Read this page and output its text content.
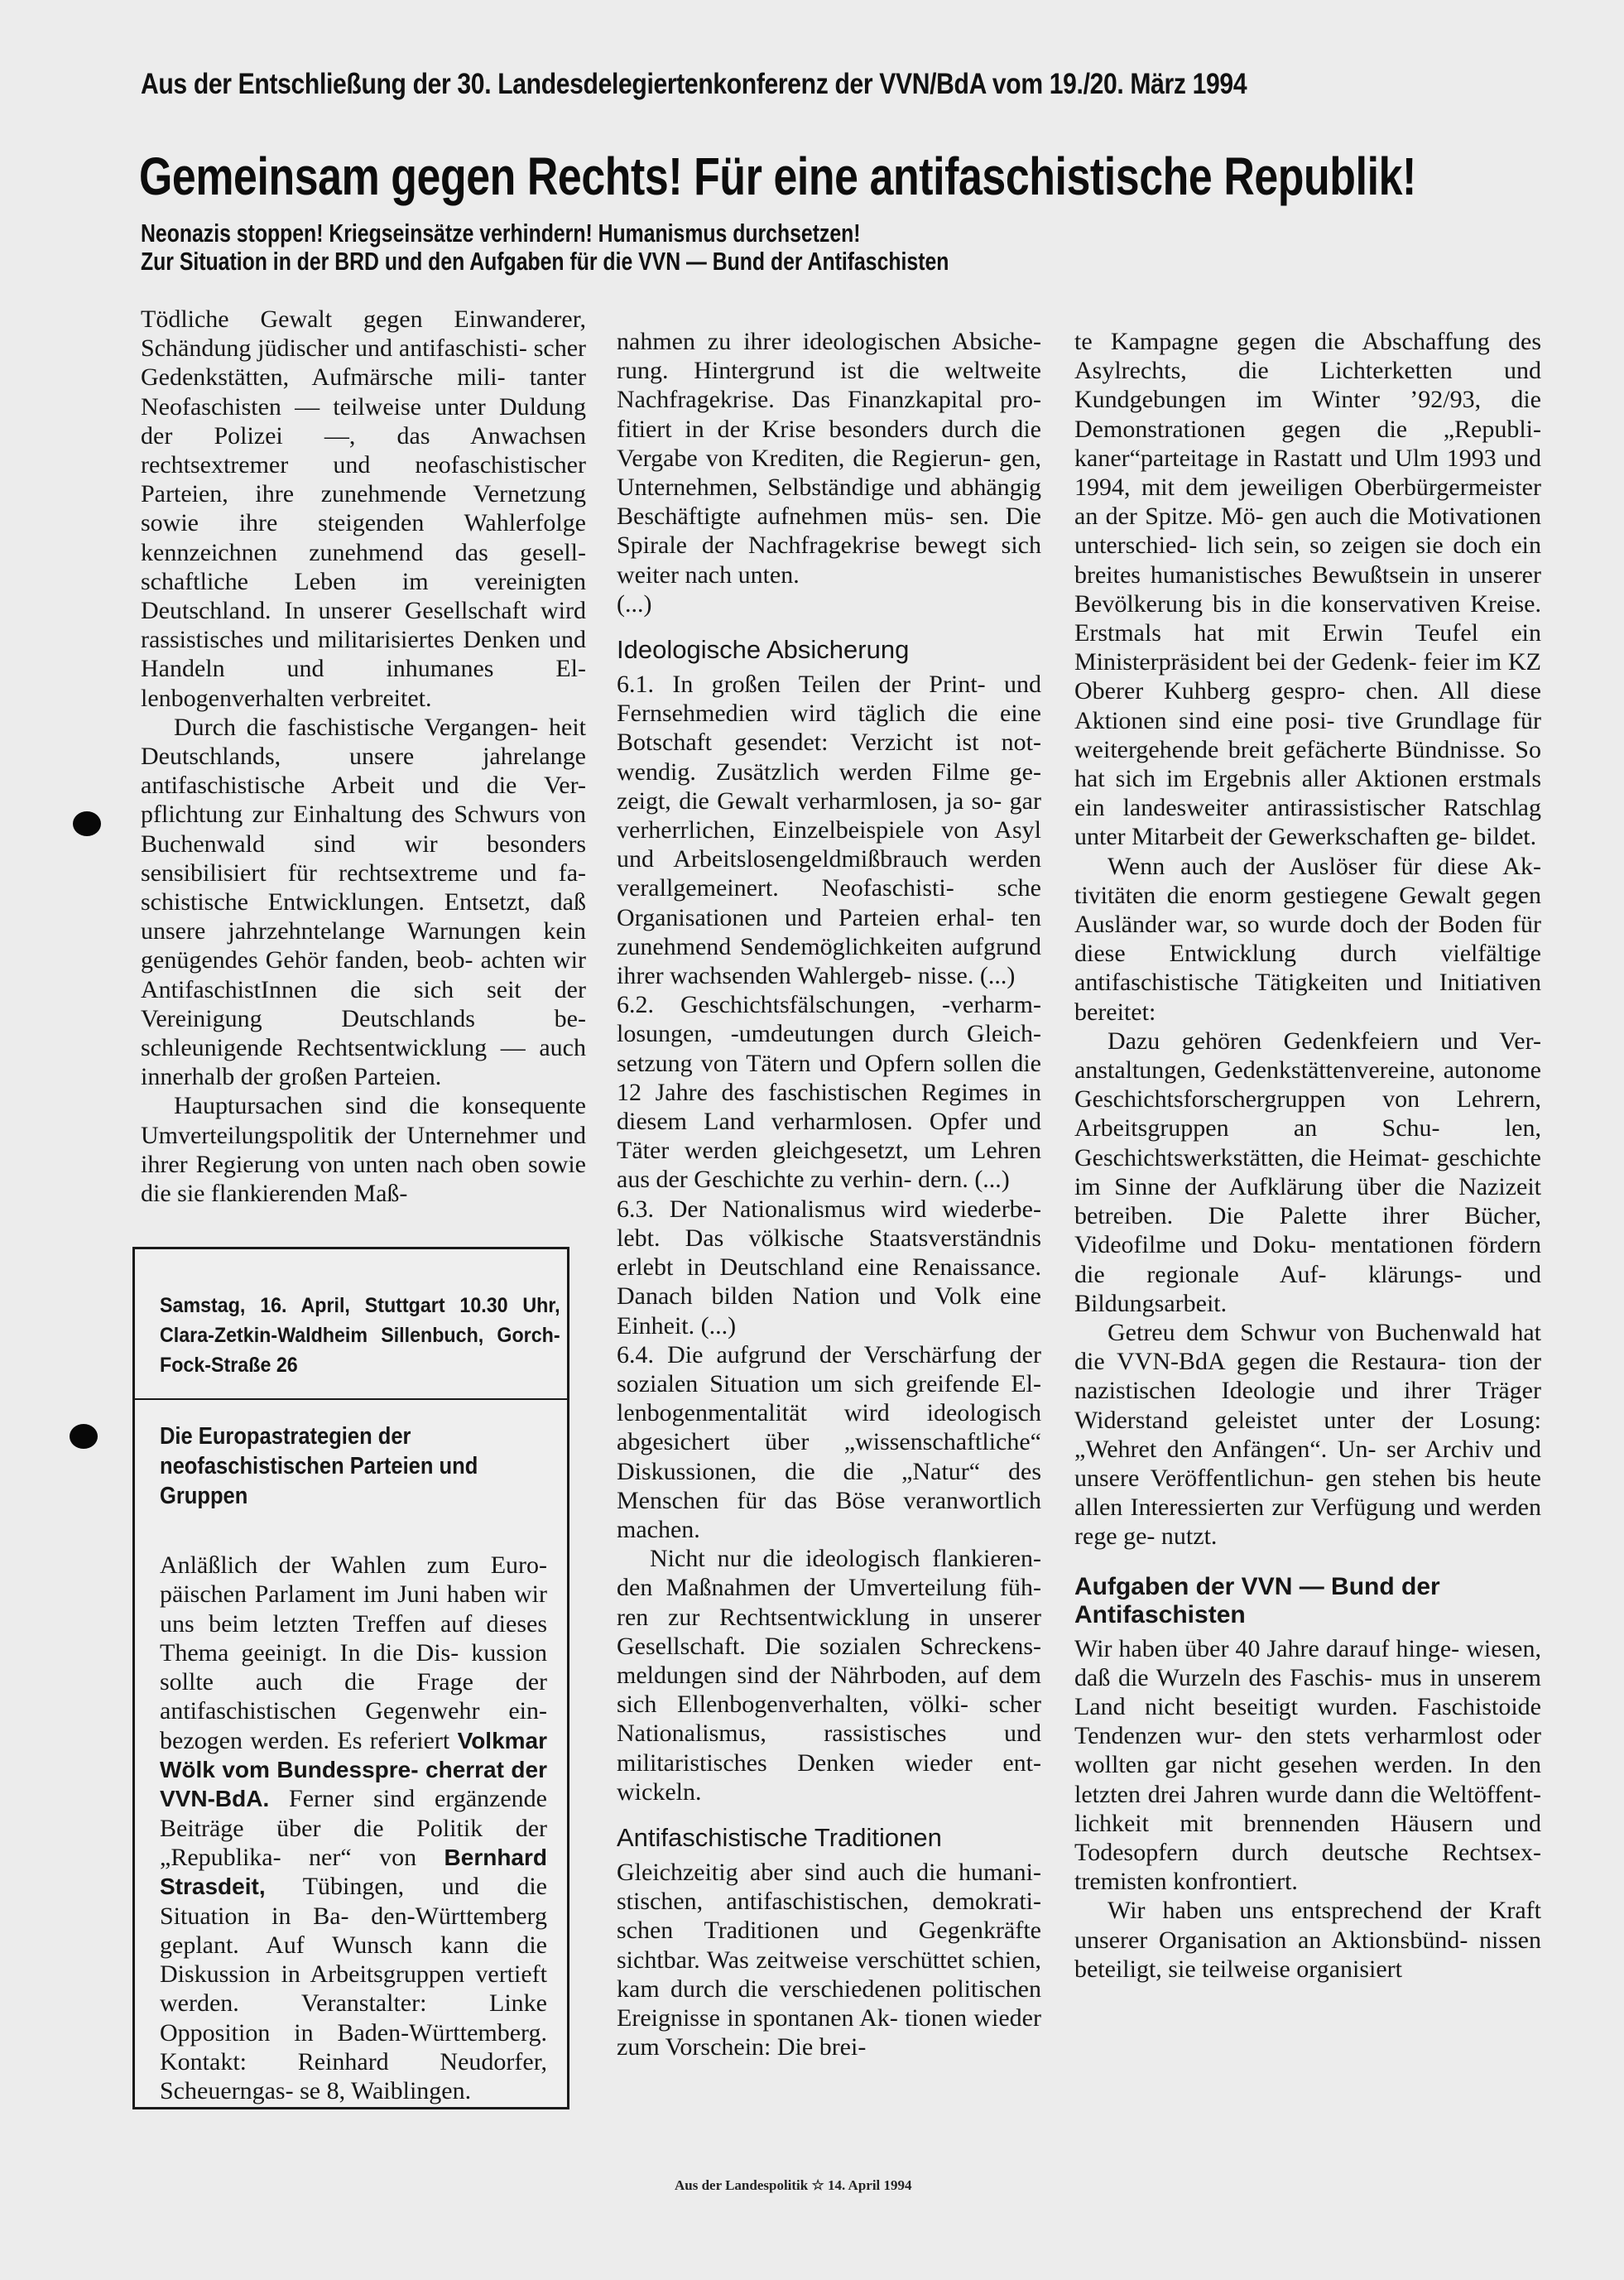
Aus der Entschließung der 30. Landesdelegiertenkonferenz der VVN/BdA vom 19./20. März 1994
Gemeinsam gegen Rechts! Für eine antifaschistische Republik!
Neonazis stoppen! Kriegseinsätze verhindern! Humanismus durchsetzen!
Zur Situation in der BRD und den Aufgaben für die VVN — Bund der Antifaschisten

Tödliche Gewalt gegen Einwanderer, Schändung jüdischer und antifaschisti- scher Gedenkstätten, Aufmärsche mili- tanter Neofaschisten — teilweise unter Duldung der Polizei —, das Anwachsen rechtsextremer und neofaschistischer Parteien, ihre zunehmende Vernetzung sowie ihre steigenden Wahlerfolge kennzeichnen zunehmend das gesell- schaftliche Leben im vereinigten Deutschland. In unserer Gesellschaft wird rassistisches und militarisiertes Denken und Handeln und inhumanes El- lenbogenverhalten verbreitet.

Durch die faschistische Vergangen- heit Deutschlands, unsere jahrelange antifaschistische Arbeit und die Ver- pflichtung zur Einhaltung des Schwurs von Buchenwald sind wir besonders sensibilisiert für rechtsextreme und fa- schistische Entwicklungen. Entsetzt, daß unsere jahrzehntelange Warnungen kein genügendes Gehör fanden, beob- achten wir AntifaschistInnen die sich seit der Vereinigung Deutschlands be- schleunigende Rechtsentwicklung — auch innerhalb der großen Parteien.

Hauptursachen sind die konsequente Umverteilungspolitik der Unternehmer und ihrer Regierung von unten nach oben sowie die sie flankierenden Maß-

Samstag, 16. April, Stuttgart 10.30 Uhr, Clara-Zetkin-Waldheim Sillenbuch, Gorch-Fock-Straße 26
Die Europastrategien der neofaschistischen Parteien und Gruppen
Anläßlich der Wahlen zum Euro- päischen Parlament im Juni haben wir uns beim letzten Treffen auf dieses Thema geeinigt. In die Dis- kussion sollte auch die Frage der antifaschistischen Gegenwehr ein- bezogen werden. Es referiert Volkmar Wölk vom Bundesspre- cherrat der VVN-BdA. Ferner sind ergänzende Beiträge über die Politik der „Republika- ner“ von Bernhard Strasdeit, Tübingen, und die Situation in Ba- den-Württemberg geplant. Auf Wunsch kann die Diskussion in Arbeitsgruppen vertieft werden. Veranstalter: Linke Opposition in Baden-Württemberg. Kontakt: Reinhard Neudorfer, Scheuerngas- se 8, Waiblingen.

nahmen zu ihrer ideologischen Absiche- rung. Hintergrund ist die weltweite Nachfragekrise. Das Finanzkapital pro- fitiert in der Krise besonders durch die Vergabe von Krediten, die Regierun- gen, Unternehmen, Selbständige und abhängig Beschäftigte aufnehmen müs- sen. Die Spirale der Nachfragekrise bewegt sich weiter nach unten.

(...)

Ideologische Absicherung

6.1. In großen Teilen der Print- und Fernsehmedien wird täglich die eine Botschaft gesendet: Verzicht ist not- wendig. Zusätzlich werden Filme ge- zeigt, die Gewalt verharmlosen, ja so- gar verherrlichen, Einzelbeispiele von Asyl und Arbeitslosengeldmißbrauch werden verallgemeinert. Neofaschisti- sche Organisationen und Parteien erhal- ten zunehmend Sendemöglichkeiten aufgrund ihrer wachsenden Wahlergeb- nisse. (...)

6.2. Geschichtsfälschungen, -verharm- losungen, -umdeutungen durch Gleich- setzung von Tätern und Opfern sollen die 12 Jahre des faschistischen Regimes in diesem Land verharmlosen. Opfer und Täter werden gleichgesetzt, um Lehren aus der Geschichte zu verhin- dern. (...)

6.3. Der Nationalismus wird wiederbe- lebt. Das völkische Staatsverständnis erlebt in Deutschland eine Renaissance. Danach bilden Nation und Volk eine Einheit. (...)

6.4. Die aufgrund der Verschärfung der sozialen Situation um sich greifende El- lenbogenmentalität wird ideologisch abgesichert über „wissenschaftliche“ Diskussionen, die die „Natur“ des Menschen für das Böse veranwortlich machen.

Nicht nur die ideologisch flankieren- den Maßnahmen der Umverteilung füh- ren zur Rechtsentwicklung in unserer Gesellschaft. Die sozialen Schreckens- meldungen sind der Nährboden, auf dem sich Ellenbogenverhalten, völki- scher Nationalismus, rassistisches und militaristisches Denken wieder ent- wickeln.

Antifaschistische Traditionen

Gleichzeitig aber sind auch die humani- stischen, antifaschistischen, demokrati- schen Traditionen und Gegenkräfte sichtbar. Was zeitweise verschüttet schien, kam durch die verschiedenen politischen Ereignisse in spontanen Ak- tionen wieder zum Vorschein: Die brei-

te Kampagne gegen die Abschaffung des Asylrechts, die Lichterketten und Kundgebungen im Winter ’92/93, die Demonstrationen gegen die „Republi- kaner“parteitage in Rastatt und Ulm 1993 und 1994, mit dem jeweiligen Oberbürgermeister an der Spitze. Mö- gen auch die Motivationen unterschied- lich sein, so zeigen sie doch ein breites humanistisches Bewußtsein in unserer Bevölkerung bis in die konservativen Kreise. Erstmals hat mit Erwin Teufel ein Ministerpräsident bei der Gedenk- feier im KZ Oberer Kuhberg gespro- chen. All diese Aktionen sind eine posi- tive Grundlage für weitergehende breit gefächerte Bündnisse. So hat sich im Ergebnis aller Aktionen erstmals ein landesweiter antirassistischer Ratschlag unter Mitarbeit der Gewerkschaften ge- bildet.

Wenn auch der Auslöser für diese Ak- tivitäten die enorm gestiegene Gewalt gegen Ausländer war, so wurde doch der Boden für diese Entwicklung durch vielfältige antifaschistische Tätigkeiten und Initiativen bereitet:

Dazu gehören Gedenkfeiern und Ver- anstaltungen, Gedenkstättenvereine, autonome Geschichtsforschergruppen von Lehrern, Arbeitsgruppen an Schu- len, Geschichtswerkstätten, die Heimat- geschichte im Sinne der Aufklärung über die Nazizeit betreiben. Die Palette ihrer Bücher, Videofilme und Doku- mentationen fördern die regionale Auf- klärungs- und Bildungsarbeit.

Getreu dem Schwur von Buchenwald hat die VVN-BdA gegen die Restaura- tion der nazistischen Ideologie und ihrer Träger Widerstand geleistet unter der Losung: „Wehret den Anfängen“. Un- ser Archiv und unsere Veröffentlichun- gen stehen bis heute allen Interessierten zur Verfügung und werden rege ge- nutzt.

Aufgaben der VVN — Bund der Antifaschisten

Wir haben über 40 Jahre darauf hinge- wiesen, daß die Wurzeln des Faschis- mus in unserem Land nicht beseitigt wurden. Faschistoide Tendenzen wur- den stets verharmlost oder wollten gar nicht gesehen werden. In den letzten drei Jahren wurde dann die Weltöffent- lichkeit mit brennenden Häusern und Todesopfern durch deutsche Rechtsex- tremisten konfrontiert.

Wir haben uns entsprechend der Kraft unserer Organisation an Aktionsbünd- nissen beteiligt, sie teilweise organisiert

Aus der Landespolitik ☆ 14. April 1994
